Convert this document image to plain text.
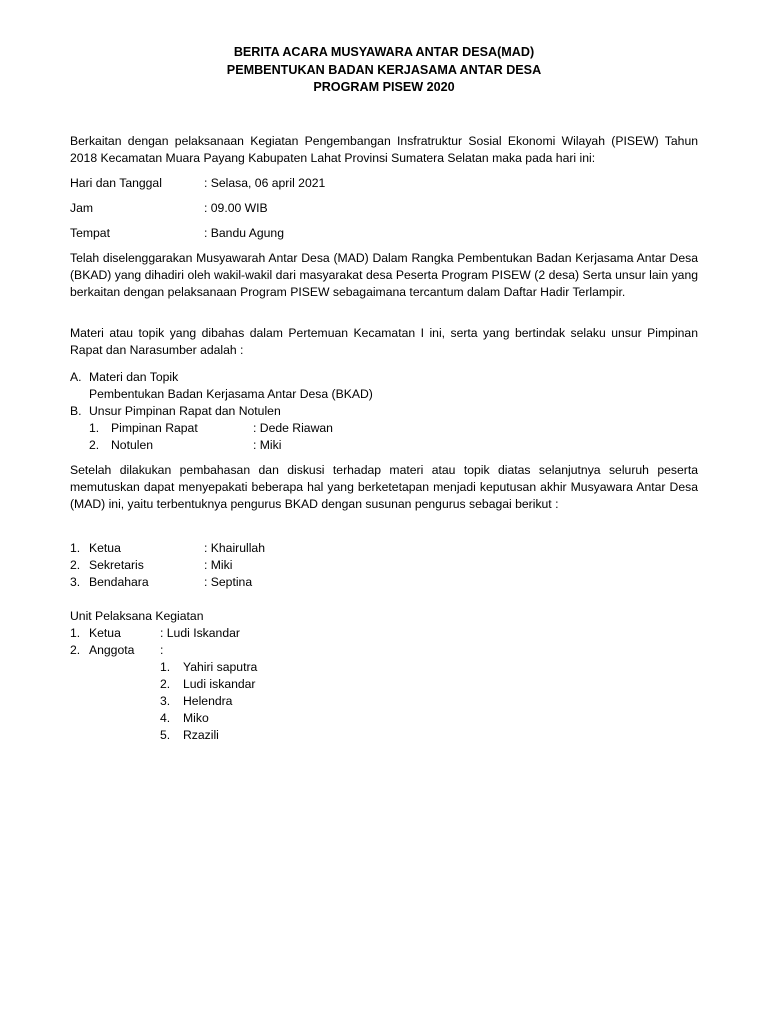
BERITA ACARA MUSYAWARA ANTAR DESA(MAD)
PEMBENTUKAN BADAN KERJASAMA ANTAR DESA
PROGRAM PISEW 2020
Berkaitan dengan pelaksanaan Kegiatan Pengembangan Insfratruktur Sosial Ekonomi Wilayah (PISEW) Tahun 2018 Kecamatan Muara Payang Kabupaten Lahat Provinsi Sumatera Selatan maka pada hari ini:
Hari dan Tanggal	: Selasa, 06 april 2021
Jam	: 09.00 WIB
Tempat	: Bandu Agung
Telah diselenggarakan Musyawarah Antar Desa (MAD) Dalam Rangka Pembentukan Badan Kerjasama Antar Desa (BKAD) yang dihadiri oleh wakil-wakil dari masyarakat desa Peserta Program PISEW (2 desa) Serta unsur lain yang berkaitan dengan pelaksanaan Program PISEW sebagaimana tercantum dalam Daftar Hadir Terlampir.
Materi atau topik yang dibahas dalam Pertemuan Kecamatan I ini, serta yang bertindak selaku unsur Pimpinan Rapat dan Narasumber adalah :
A. Materi dan Topik
Pembentukan Badan Kerjasama Antar Desa (BKAD)
B. Unsur Pimpinan Rapat dan Notulen
1. Pimpinan Rapat	: Dede Riawan
2. Notulen	: Miki
Setelah dilakukan pembahasan dan diskusi terhadap materi atau topik diatas selanjutnya seluruh peserta memutuskan dapat menyepakati beberapa hal yang berketetapan menjadi keputusan akhir Musyawara Antar Desa (MAD) ini, yaitu terbentuknya pengurus BKAD dengan susunan pengurus sebagai berikut :
1. Ketua	: Khairullah
2. Sekretaris	: Miki
3. Bendahara	: Septina
Unit Pelaksana Kegiatan
1. Ketua	: Ludi Iskandar
2. Anggota :
1. Yahiri saputra
2. Ludi iskandar
3. Helendra
4. Miko
5. Rzazili
